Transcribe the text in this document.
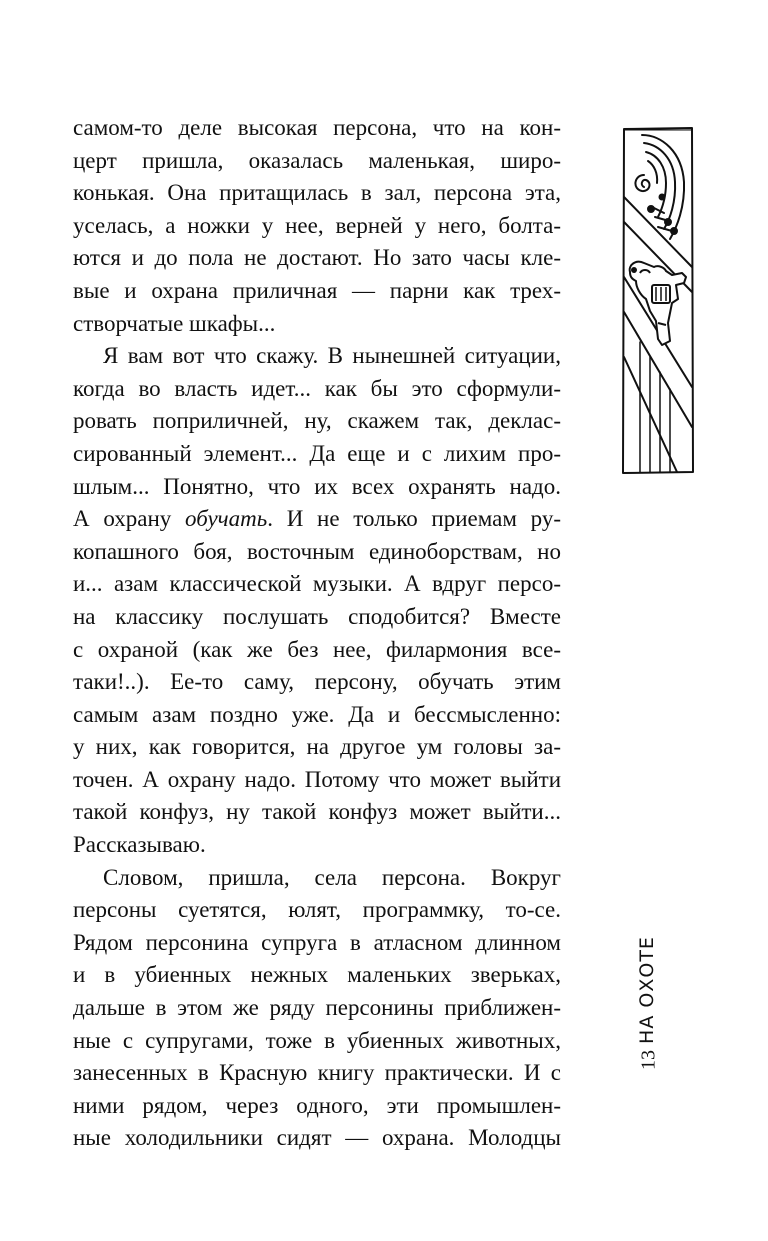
самом-то деле высокая персона, что на кон-
церт пришла, оказалась маленькая, широ-
конькая. Она притащилась в зал, персона эта,
уселась, а ножки у нее, верней у него, болта-
ются и до пола не достают. Но зато часы кле-
вые и охрана приличная — парни как трех-
створчатые шкафы...
Я вам вот что скажу. В нынешней ситуации,
когда во власть идет... как бы это сформули-
ровать поприличней, ну, скажем так, деклас-
сированный элемент... Да еще и с лихим про-
шлым... Понятно, что их всех охранять надо.
А охрану обучать. И не только приемам ру-
копашного боя, восточным единоборствам, но
и... азам классической музыки. А вдруг персо-
на классику послушать сподобится? Вместе
с охраной (как же без нее, филармония все-
таки!..). Ее-то саму, персону, обучать этим
самым азам поздно уже. Да и бессмысленно:
у них, как говорится, на другое ум головы за-
точен. А охрану надо. Потому что может выйти
такой конфуз, ну такой конфуз может выйти...
Рассказываю.
Словом, пришла, села персона. Вокруг
персоны суетятся, юлят, программку, то-се.
Рядом персонина супруга в атласном длинном
и в убиенных нежных маленьких зверьках,
дальше в этом же ряду персонины приближен-
ные с супругами, тоже в убиенных животных,
занесенных в Красную книгу практически. И с
ними рядом, через одного, эти промышлен-
ные холодильники сидят — охрана. Молодцы
НА ОХОТЕ
13
